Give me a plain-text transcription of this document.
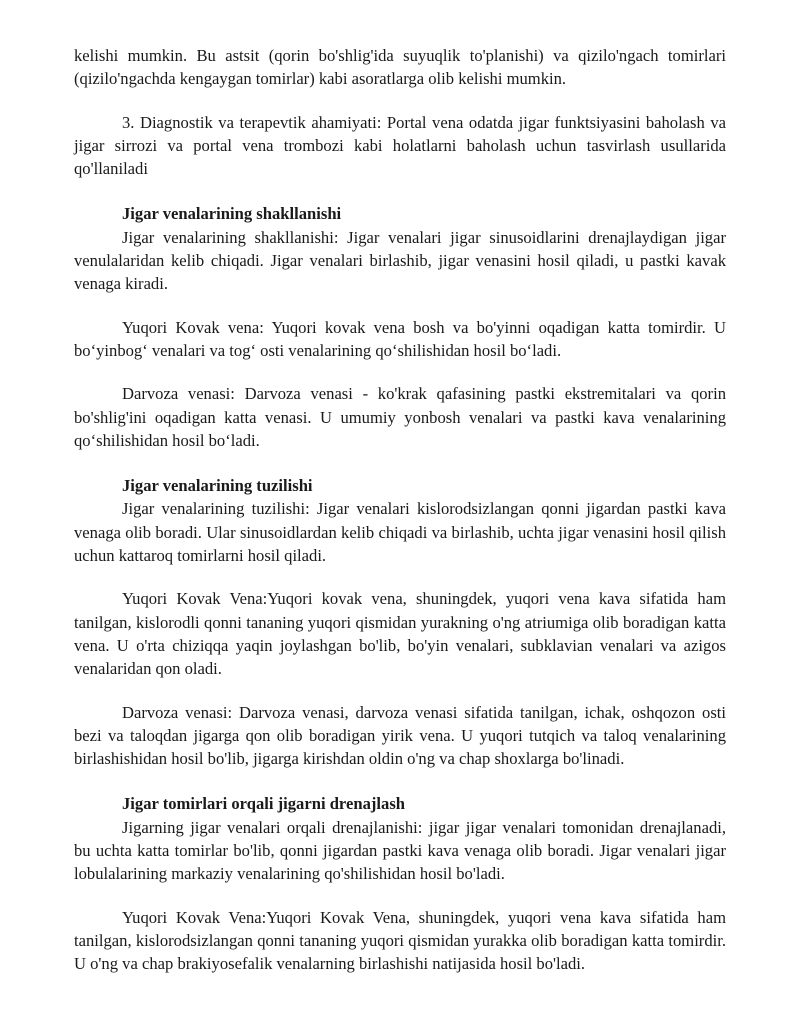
kelishi mumkin. Bu astsit (qorin bo'shlig'ida suyuqlik to'planishi) va qizilo'ngach tomirlari (qizilo'ngachda kengaygan tomirlar) kabi asoratlarga olib kelishi mumkin.

3. Diagnostik va terapevtik ahamiyati: Portal vena odatda jigar funktsiyasini baholash va jigar sirrozi va portal vena trombozi kabi holatlarni baholash uchun tasvirlash usullarida qo'llaniladi

Jigar venalarining shakllanishi

Jigar venalarining shakllanishi: Jigar venalari jigar sinusoidlarini drenajlaydigan jigar venulalaridan kelib chiqadi. Jigar venalari birlashib, jigar venasini hosil qiladi, u pastki kavak venaga kiradi.

Yuqori Kovak vena: Yuqori kovak vena bosh va bo'yinni oqadigan katta tomirdir. U bo‘yinbog‘ venalari va tog‘ osti venalarining qo‘shilishidan hosil bo‘ladi.

Darvoza venasi: Darvoza venasi - ko'krak qafasining pastki ekstremitalari va qorin bo'shlig'ini oqadigan katta venasi. U umumiy yonbosh venalari va pastki kava venalarining qo‘shilishidan hosil bo‘ladi.

Jigar venalarining tuzilishi

Jigar venalarining tuzilishi: Jigar venalari kislorodsizlangan qonni jigardan pastki kava venaga olib boradi. Ular sinusoidlardan kelib chiqadi va birlashib, uchta jigar venasini hosil qilish uchun kattaroq tomirlarni hosil qiladi.

Yuqori Kovak Vena:Yuqori kovak vena, shuningdek, yuqori vena kava sifatida ham tanilgan, kislorodli qonni tananing yuqori qismidan yurakning o'ng atriumiga olib boradigan katta vena. U o'rta chiziqqa yaqin joylashgan bo'lib, bo'yin venalari, subklavian venalari va azigos venalaridan qon oladi.

Darvoza venasi: Darvoza venasi, darvoza venasi sifatida tanilgan, ichak, oshqozon osti bezi va taloqdan jigarga qon olib boradigan yirik vena. U yuqori tutqich va taloq venalarining birlashishidan hosil bo'lib, jigarga kirishdan oldin o'ng va chap shoxlarga bo'linadi.

Jigar tomirlari orqali jigarni drenajlash

Jigarning jigar venalari orqali drenajlanishi: jigar jigar venalari tomonidan drenajlanadi, bu uchta katta tomirlar bo'lib, qonni jigardan pastki kava venaga olib boradi. Jigar venalari jigar lobulalarining markaziy venalarining qo'shilishidan hosil bo'ladi.

Yuqori Kovak Vena:Yuqori Kovak Vena, shuningdek, yuqori vena kava sifatida ham tanilgan, kislorodsizlangan qonni tananing yuqori qismidan yurakka olib boradigan katta tomirdir. U o'ng va chap brakiyosefalik venalarning birlashishi natijasida hosil bo'ladi.
